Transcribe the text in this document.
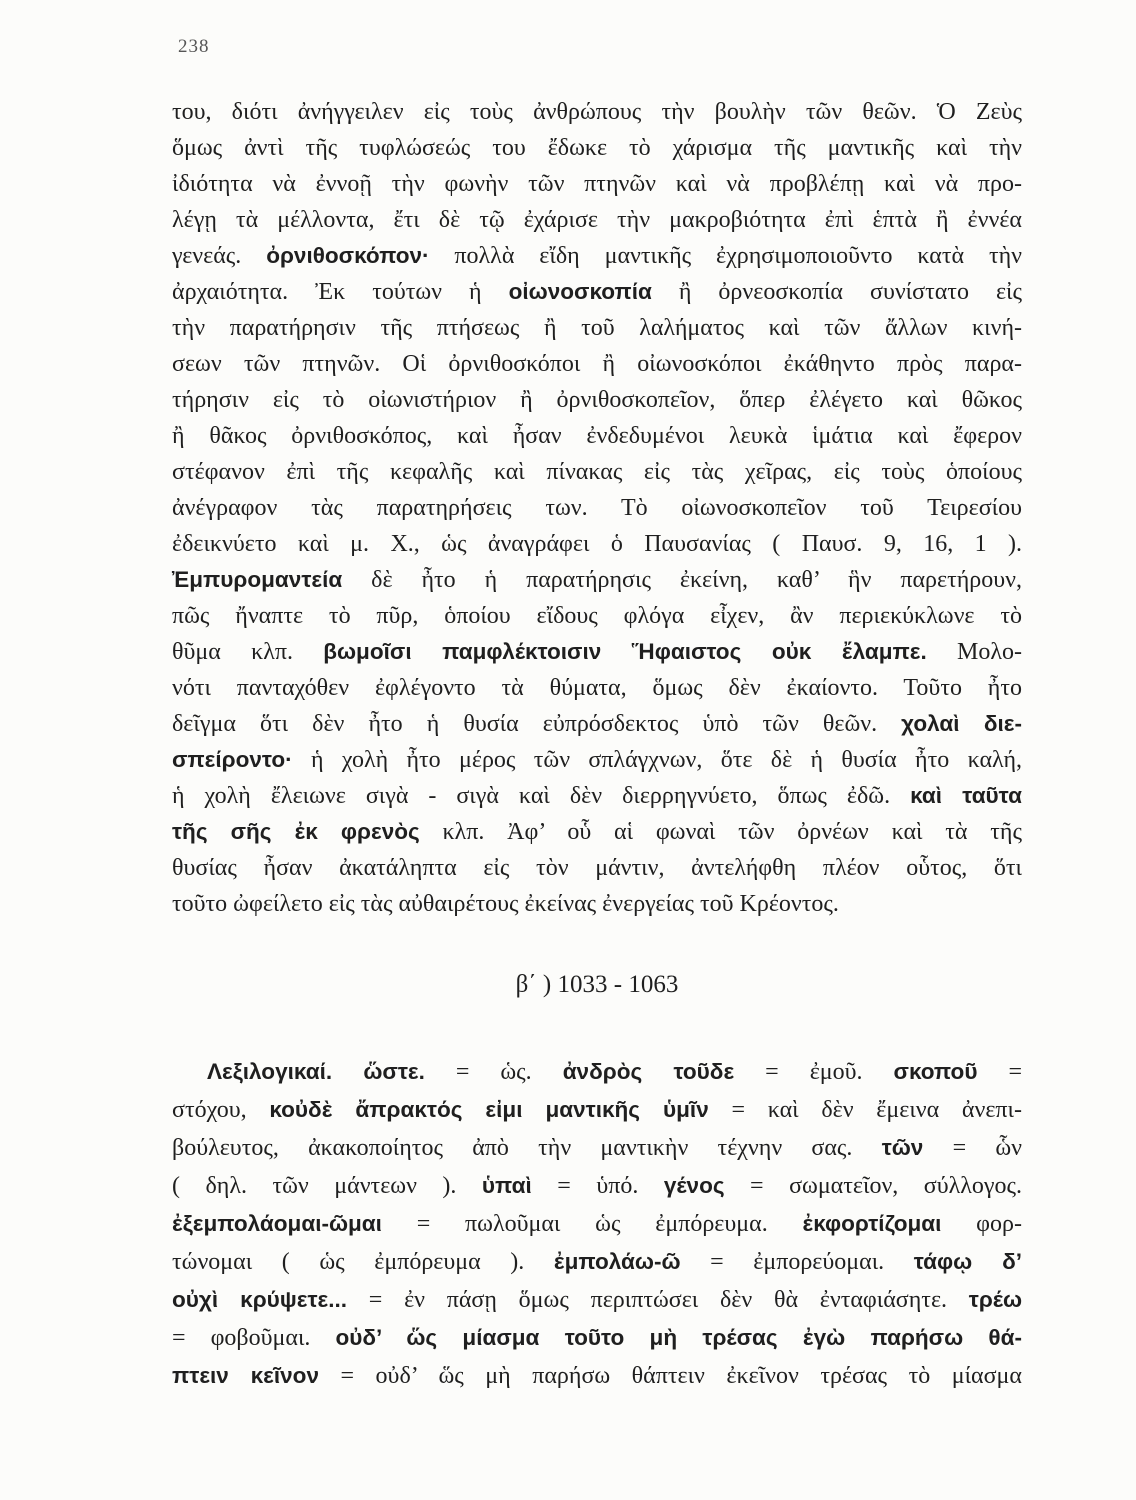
238
του, διότι ἀνήγγειλεν εἰς τοὺς ἀνθρώπους τὴν βουλὴν τῶν θεῶν. Ὁ Ζεὺς
ὅμως ἀντὶ τῆς τυφλώσεώς του ἔδωκε τὸ χάρισμα τῆς μαντικῆς καὶ τὴν
ἰδιότητα νὰ ἐννοῇ τὴν φωνὴν τῶν πτηνῶν καὶ νὰ προβλέπῃ καὶ νὰ προ-
λέγῃ τὰ μέλλοντα, ἔτι δὲ τῷ ἐχάρισε τὴν μακροβιότητα ἐπὶ ἑπτὰ ἢ ἐννέα
γενεάς. ὀρνιθοσκόπον· πολλὰ εἴδη μαντικῆς ἐχρησιμοποιοῦντο κατὰ τὴν
ἀρχαιότητα. Ἐκ τούτων ἡ οἰωνοσκοπία ἢ ὀρνεοσκοπία συνίστατο εἰς
τὴν παρατήρησιν τῆς πτήσεως ἢ τοῦ λαλήματος καὶ τῶν ἄλλων κινή-
σεων τῶν πτηνῶν. Οἱ ὀρνιθοσκόποι ἢ οἰωνοσκόποι ἐκάθηντο πρὸς παρα-
τήρησιν εἰς τὸ οἰωνιστήριον ἢ ὀρνιθοσκοπεῖον, ὅπερ ἐλέγετο καὶ θῶκος
ἢ θᾶκος ὀρνιθοσκόπος, καὶ ἦσαν ἐνδεδυμένοι λευκὰ ἱμάτια καὶ ἔφερον
στέφανον ἐπὶ τῆς κεφαλῆς καὶ πίνακας εἰς τὰς χεῖρας, εἰς τοὺς ὁποίους
ἀνέγραφον τὰς παρατηρήσεις των. Τὸ οἰωνοσκοπεῖον τοῦ Τειρεσίου
ἐδεικνύετο καὶ μ. Χ., ὡς ἀναγράφει ὁ Παυσανίας ( Παυσ. 9, 16, 1 ).
Ἐμπυρομαντεία δὲ ἦτο ἡ παρατήρησις ἐκείνη, καθ’ ἣν παρετήρουν,
πῶς ἤναπτε τὸ πῦρ, ὁποίου εἴδους φλόγα εἶχεν, ἂν περιεκύκλωνε τὸ
θῦμα κλπ. βωμοῖσι παμφλέκτοισιν Ἥφαιστος οὐκ ἔλαμπε. Μολο-
νότι πανταχόθεν ἐφλέγοντο τὰ θύματα, ὅμως δὲν ἐκαίοντο. Τοῦτο ἦτο
δεῖγμα ὅτι δὲν ἦτο ἡ θυσία εὐπρόσδεκτος ὑπὸ τῶν θεῶν. χολαὶ διε-
σπείροντο· ἡ χολὴ ἦτο μέρος τῶν σπλάγχνων, ὅτε δὲ ἡ θυσία ἦτο καλή,
ἡ χολὴ ἔλειωνε σιγὰ - σιγὰ καὶ δὲν διερρηγνύετο, ὅπως ἐδῶ. καὶ ταῦτα
τῆς σῆς ἐκ φρενὸς κλπ. Ἀφ’ οὗ αἱ φωναὶ τῶν ὀρνέων καὶ τὰ τῆς
θυσίας ἦσαν ἀκατάληπτα εἰς τὸν μάντιν, ἀντελήφθη πλέον οὗτος, ὅτι
τοῦτο ὠφείλετο εἰς τὰς αὐθαιρέτους ἐκείνας ἐνεργείας τοῦ Κρέοντος.
β΄ ) 1033 - 1063
Λεξιλογικαί. ὥστε. = ὡς. ἀνδρὸς τοῦδε = ἐμοῦ. σκοποῦ =
στόχου, κοὐδὲ ἄπρακτός εἰμι μαντικῆς ὑμῖν = καὶ δὲν ἔμεινα ἀνεπι-
βούλευτος, ἀκακοποίητος ἀπὸ τὴν μαντικὴν τέχνην σας. τῶν = ὧν
( δηλ. τῶν μάντεων ). ὑπαὶ = ὑπό. γένος = σωματεῖον, σύλλογος.
ἐξεμπολάομαι-ῶμαι = πωλοῦμαι ὡς ἐμπόρευμα. ἐκφορτίζομαι φορ-
τώνομαι ( ὡς ἐμπόρευμα ). ἐμπολάω-ῶ = ἐμπορεύομαι. τάφῳ δ’
οὐχὶ κρύψετε... = ἐν πάσῃ ὅμως περιπτώσει δὲν θὰ ἐνταφιάσητε. τρέω
= φοβοῦμαι. οὐδ’ ὥς μίασμα τοῦτο μὴ τρέσας ἐγὼ παρήσω θά-
πτειν κεῖνον = οὐδ’ ὥς μὴ παρήσω θάπτειν ἐκεῖνον τρέσας τὸ μίασμα
